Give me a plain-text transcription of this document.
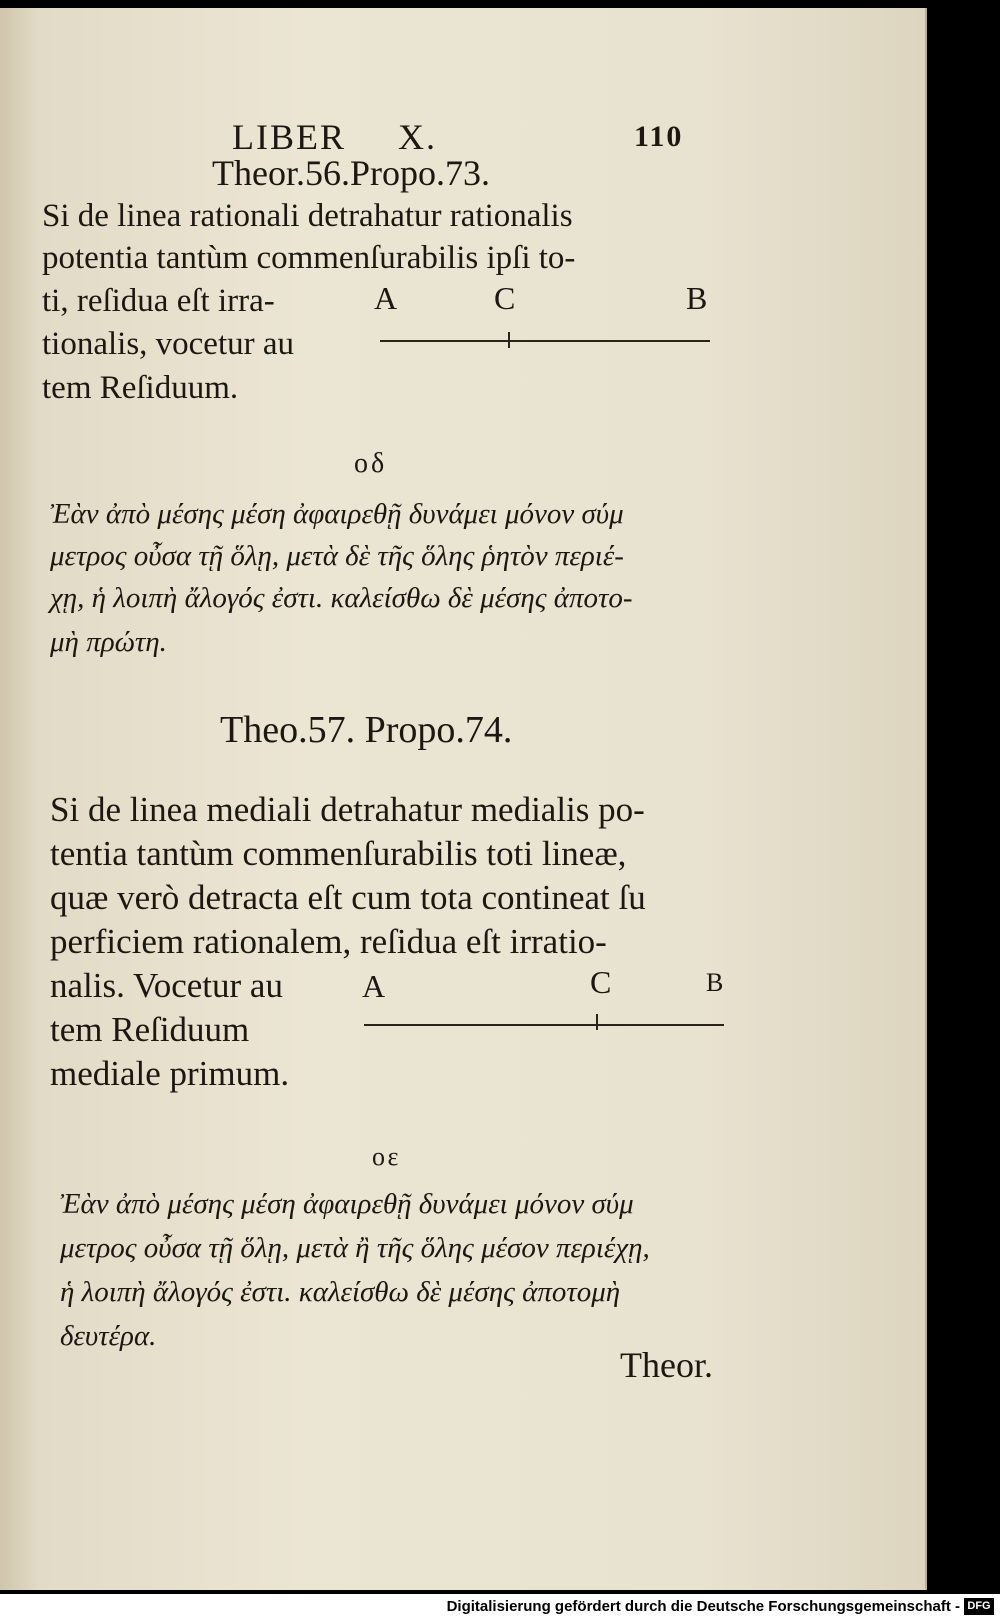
LIBER X.	110
Theor.56.Propo.73.
Si de linea rationali detrahatur rationalis
potentia tantùm commenſurabilis ipſi to-
ti, reſidua eſt irra-
tionalis, vocetur au
tem Reſiduum.
A	C	B
ο δ
Ἐὰν ἀπὸ μέσης μέση ἀφαιρεθῇ δυνάμει μόνον σύμ
μετρος οὖσα τῇ ὅλῃ, μετὰ δὲ τῆς ὅλης ῥητὸν περιέ-
χῃ, ἡ λοιπὴ ἄλογός ἐστι. καλείσθω δὲ μέσης ἀποτο-
μὴ πρώτη.
Theo.57. Propo.74.
Si de linea mediali detrahatur medialis po-
tentia tantùm commenſurabilis toti lineæ,
quæ verò detracta eſt cum tota contineat ſu
perficiem rationalem, reſidua eſt irratio-
nalis. Vocetur au
tem Reſiduum
mediale primum.
A	C	B
ο ε
Ἐὰν ἀπὸ μέσης μέση ἀφαιρεθῇ δυνάμει μόνον σύμ
μετρος οὖσα τῇ ὅλῃ, μετὰ ἢ τῆς ὅλης μέσον περιέχῃ,
ἡ λοιπὴ ἄλογός ἐστι. καλείσθω δὲ μέσης ἀποτομὴ
δευτέρα.
Theor.
Digitalisierung gefördert durch die Deutsche Forschungsgemeinschaft - DFG
